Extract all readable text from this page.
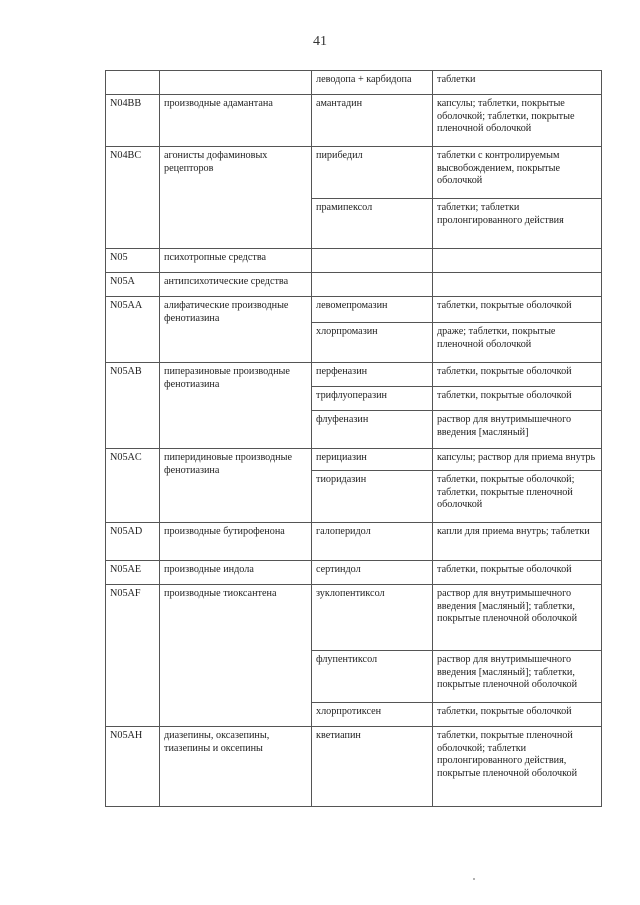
41
		леводопа + карбидопа	таблетки
N04BB	производные адамантана	амантадин	капсулы; таблетки, покрытые оболочкой; таблетки, покрытые пленочной оболочкой
N04BC	агонисты дофаминовых рецепторов	пирибедил	таблетки с контролируемым высвобождением, покрытые оболочкой
		прамипексол	таблетки; таблетки пролонгированного действия
N05	психотропные средства		
N05A	антипсихотические средства		
N05AA	алифатические производные фенотиазина	левомепромазин	таблетки, покрытые оболочкой
		хлорпромазин	драже; таблетки, покрытые пленочной оболочкой
N05AB	пиперазиновые производные фенотиазина	перфеназин	таблетки, покрытые оболочкой
		трифлуоперазин	таблетки, покрытые оболочкой
		флуфеназин	раствор для внутримышечного введения [масляный]
N05AC	пиперидиновые производные фенотиазина	перициазин	капсулы; раствор для приема внутрь
		тиоридазин	таблетки, покрытые оболочкой; таблетки, покрытые пленочной оболочкой
N05AD	производные бутирофенона	галоперидол	капли для приема внутрь; таблетки
N05AE	производные индола	сертиндол	таблетки, покрытые оболочкой
N05AF	производные тиоксантена	зуклопентиксол	раствор для внутримышечного введения [масляный]; таблетки, покрытые пленочной оболочкой
		флупентиксол	раствор для внутримышечного введения [масляный]; таблетки, покрытые пленочной оболочкой
		хлорпротиксен	таблетки, покрытые оболочкой
N05AH	диазепины, оксазепины, тиазепины и оксепины	кветиапин	таблетки, покрытые пленочной оболочкой; таблетки пролонгированного действия, покрытые пленочной оболочкой
